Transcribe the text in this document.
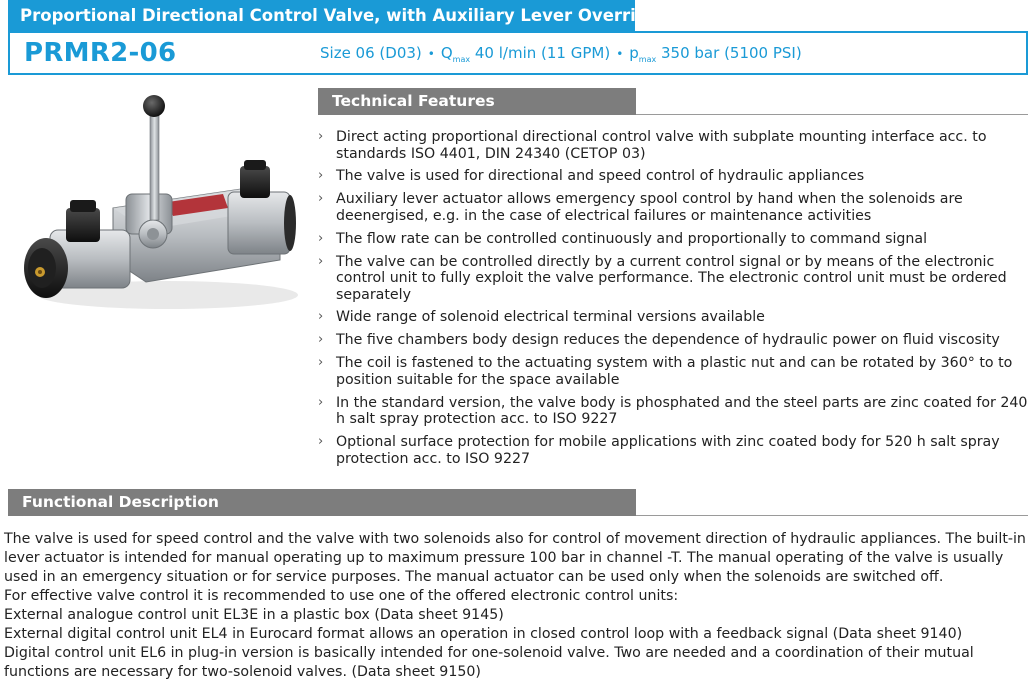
Proportional Directional Control Valve, with Auxiliary Lever Override
PRMR2-06	Size 06 (D03) • $Q_{max}$ 40 l/min (11 GPM) • $p_{max}$ 350 bar (5100 PSI)
Technical Features
› Direct acting proportional directional control valve with subplate mounting interface acc. to standards ISO 4401, DIN 24340 (CETOP 03)
› The valve is used for directional and speed control of hydraulic appliances
› Auxiliary lever actuator allows emergency spool control by hand when the solenoids are deenergised, e.g. in the case of electrical failures or maintenance activities
› The flow rate can be controlled continuously and proportionally to command signal
› The valve can be controlled directly by a current control signal or by means of the electronic control unit to fully exploit the valve performance. The electronic control unit must be ordered separately
› Wide range of solenoid electrical terminal versions available
› The five chambers body design reduces the dependence of hydraulic power on fluid viscosity
› The coil is fastened to the actuating system with a plastic nut and can be rotated by 360° to to position suitable for the space available
› In the standard version, the valve body is phosphated and the steel parts are zinc coated for 240 h salt spray protection acc. to ISO 9227
› Optional surface protection for mobile applications with zinc coated body for 520 h salt spray protection acc. to ISO 9227
Functional Description

The valve is used for speed control and the valve with two solenoids also for control of movement direction of hydraulic appliances. The built-in lever actuator is intended for manual operating up to maximum pressure 100 bar in channel -T. The manual operating of the valve is usually used in an emergency situation or for service purposes. The manual actuator can be used only when the solenoids are switched off.

For effective valve control it is recommended to use one of the offered electronic control units:

External analogue control unit EL3E in a plastic box (Data sheet 9145)

External digital control unit EL4 in Eurocard format allows an operation in closed control loop with a feedback signal (Data sheet 9140)

Digital control unit EL6 in plug-in version is basically intended for one-solenoid valve. Two are needed and a coordination of their mutual functions are necessary for two-solenoid valves. (Data sheet 9150)
